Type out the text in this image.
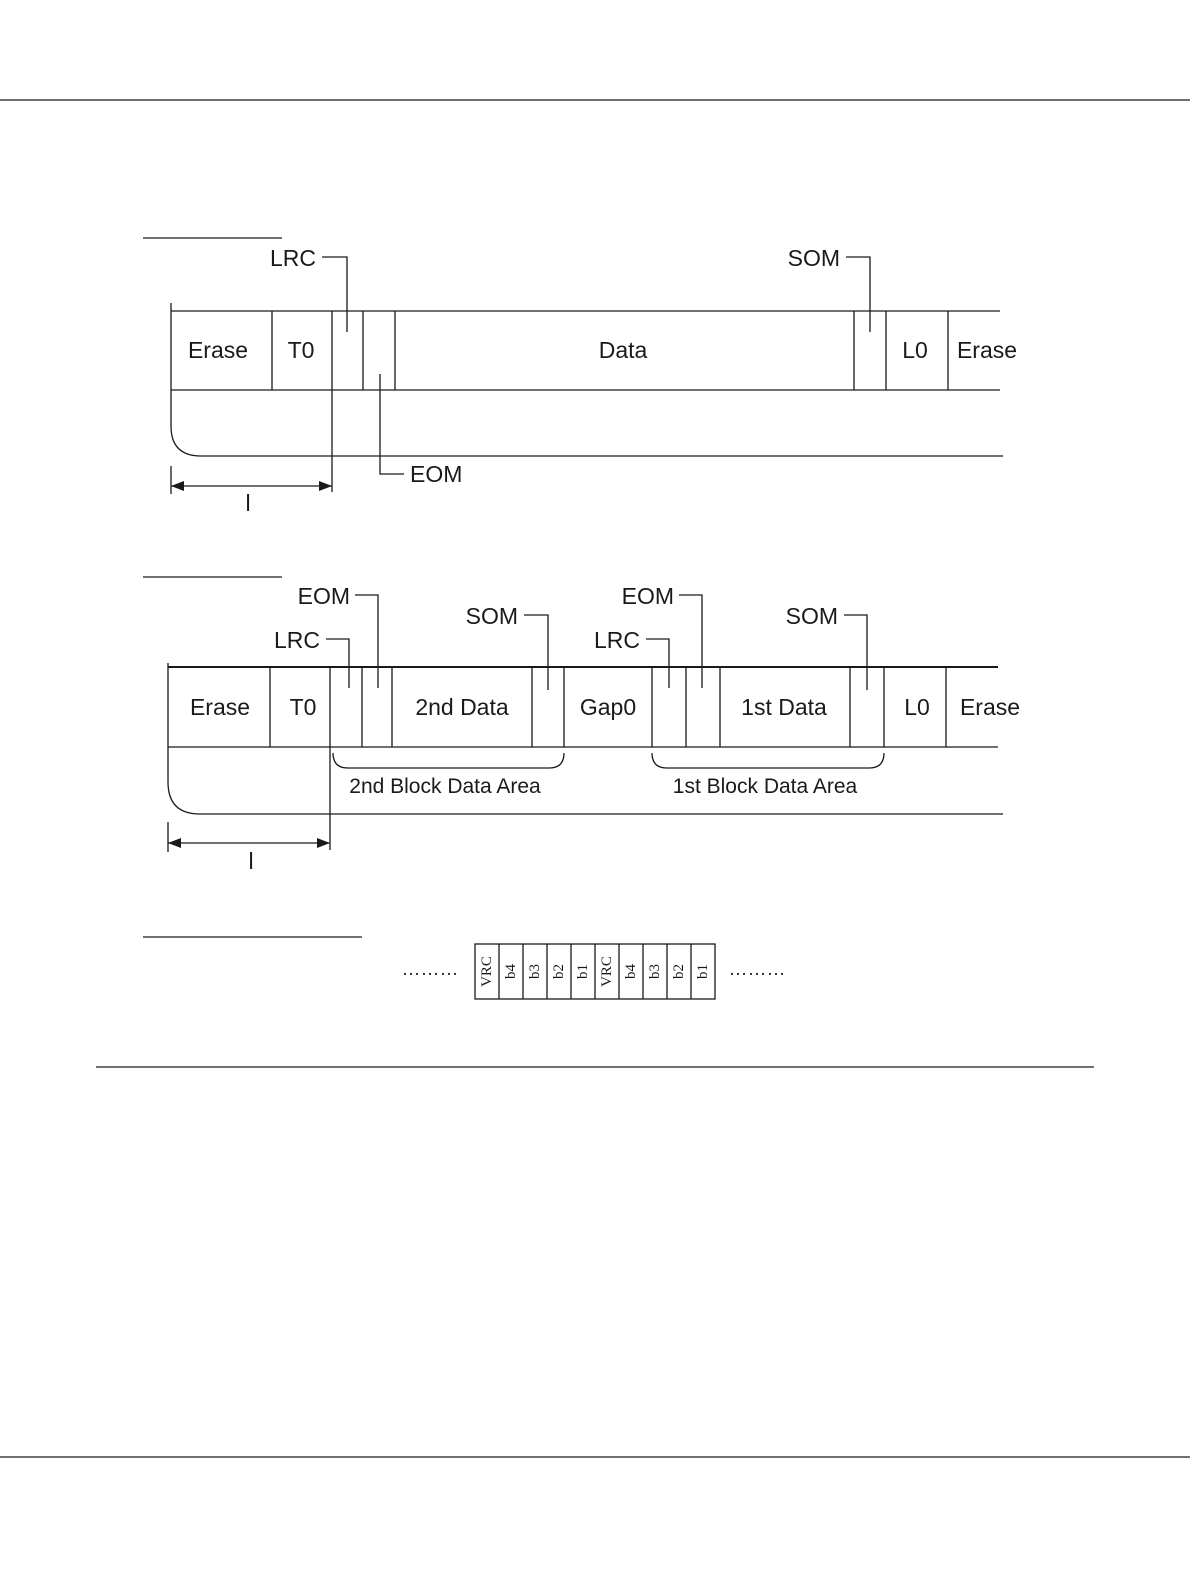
Erase T0	Data	L0 Erase
LRC	SOM
EOM
l
Erase T0	2nd Data	Gap0	1st Data	L0 Erase
EOM
LRC
SOM
EOM
LRC
SOM
2nd Block Data Area	1st Block Data Area
l
………	………
VRC b4 b3 b2 b1 VRC b4 b3 b2 b1
